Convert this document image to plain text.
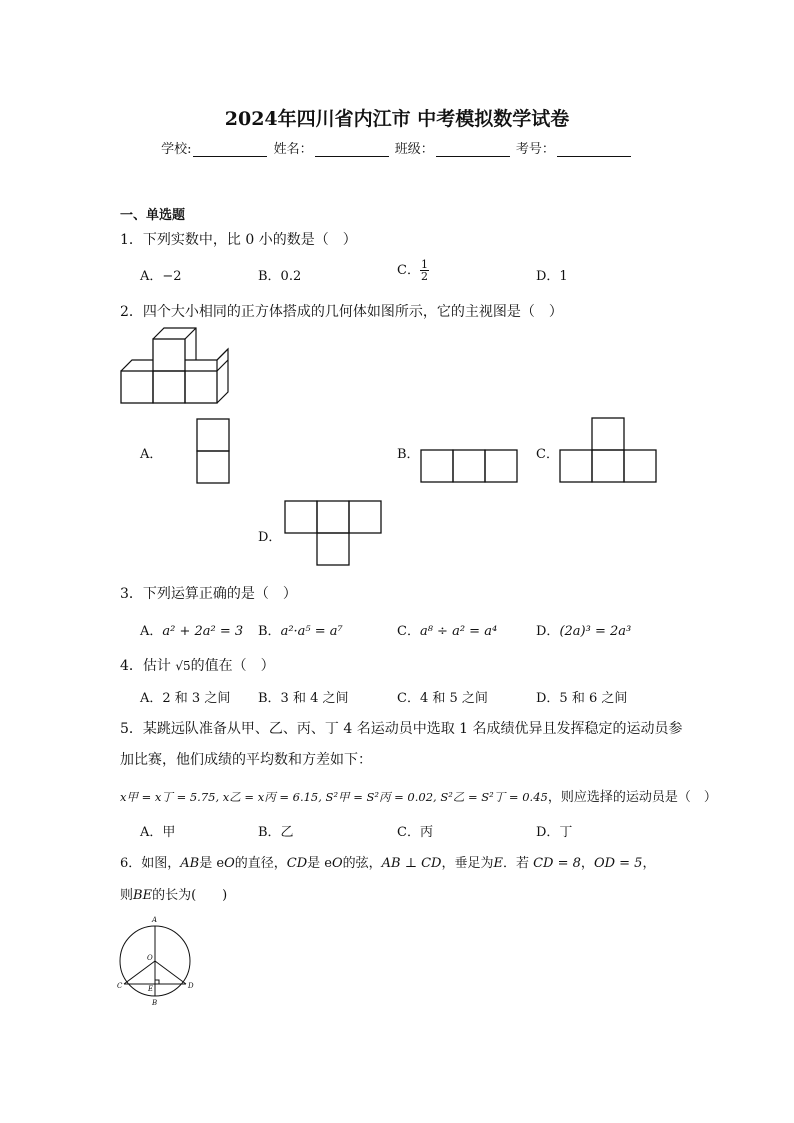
2024年四川省内江市 中考模拟数学试卷
学校:	姓名：	班级：	考号：
一、单选题
1．下列实数中，比 0 小的数是（　）
A．−2	B．0.2	C． $\frac{1}{2}$	D．1
2．四个大小相同的正方体搭成的几何体如图所示，它的主视图是（　）
A．	B．	C．
D．
3．下列运算正确的是（　）
A．a² + 2a² = 3 B．a²·a⁵ = a⁷	C．a⁸ ÷ a² = a⁴	D．(2a)³ = 2a³
4．估计 √5的值在（　）
A．2 和 3 之间 B．3 和 4 之间	C．4 和 5 之间	D．5 和 6 之间
5．某跳远队准备从甲、乙、丙、丁 4 名运动员中选取 1 名成绩优异且发挥稳定的运动员参
加比赛，他们成绩的平均数和方差如下：
x甲 = x丁 = 5.75, x乙 = x丙 = 6.15, S²甲 = S²丙 = 0.02, S²乙 = S²丁 = 0.45，则应选择的运动员是（　）
A．甲	B．乙	C．丙	D．丁
6．如图，AB是 eO的直径，CD是 eO的弦，AB ⊥ CD，垂足为E．若 CD = 8，OD = 5，
则BE的长为(　　)
A
O
C	E	D
B
